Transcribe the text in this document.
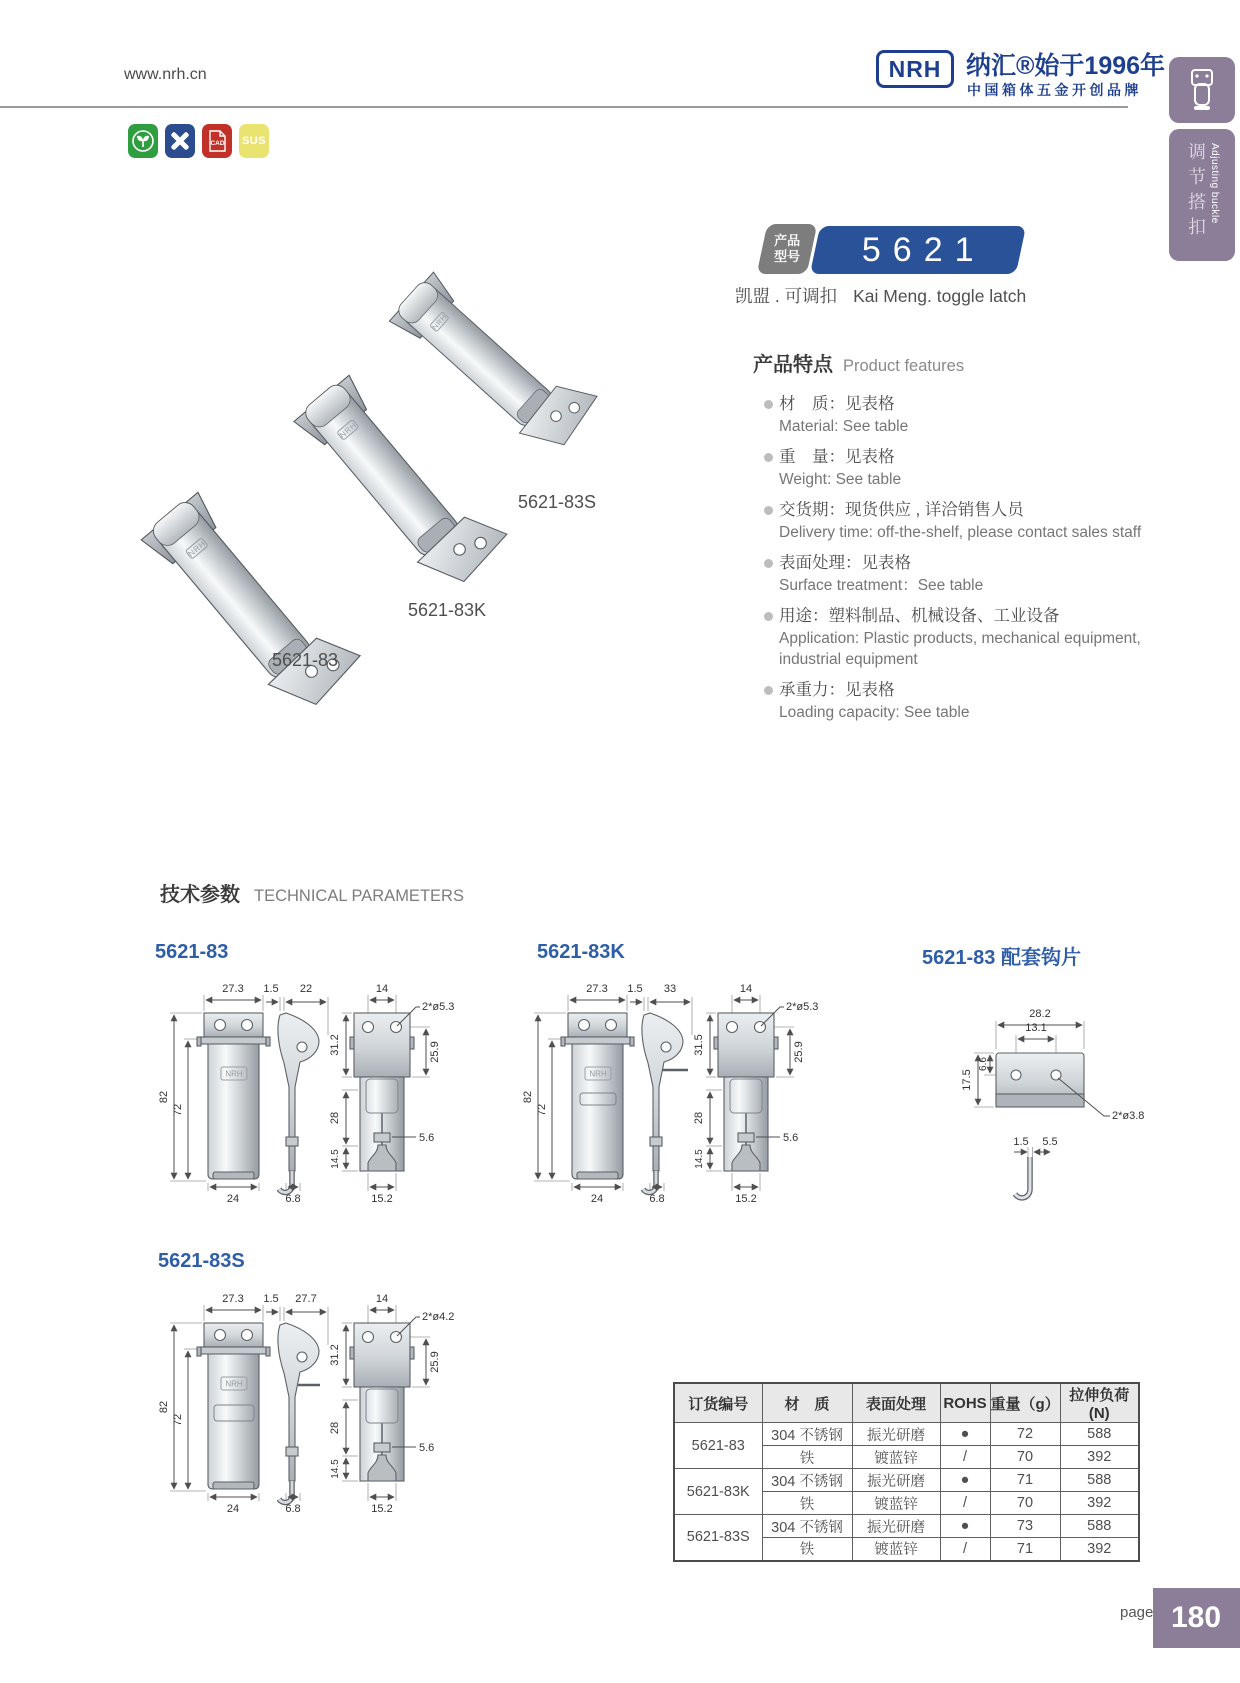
www.nrh.cn	NRH 纳汇®始于1996年
中国箱体五金开创品牌
调节搭扣 Adjusting buckle
CAD SUS
5621-83S
5621-83K
5621-83
产品
型号	5621
凯盟 . 可调扣 Kai Meng. toggle latch
产品特点 Product features
材　质：见表格
Material: See table
重　量：见表格
Weight: See table
交货期：现货供应 , 详洽销售人员
Delivery time: off-the-shelf, please contact sales staff
表面处理：见表格
Surface treatment：See table
用途：塑料制品、机械设备、工业设备
Application: Plastic products, mechanical equipment, industrial equipment
承重力：见表格
Loading capacity: See table
技术参数 TECHNICAL PARAMETERS
5621-83	5621-83K	5621-83 配套钩片
5621-83S
NRH
27.3
82
72
24
1.5 22
6.8
14
2*ø5.3
31.2	25.9
28
5.6
14.5
15.2
NRH
27.3
82
72
24
1.5 33
6.8
14
2*ø5.3
31.5	25.9
28
5.6
14.5
15.2
28.2
13.1
17.5
6.6
2*ø3.8
1.5 5.5
NRH
27.3
82
72
24
1.5 27.7
6.8
14
2*ø4.2
31.2	25.9
28
5.6
14.5
15.2
订货编号	材　质	表面处理	ROHS	重量（g）	拉伸负荷 (N)
5621-83	304 不锈钢	振光研磨	●	72	588
	铁	镀蓝锌	/	70	392
5621-83K	304 不锈钢	振光研磨	●	71	588
	铁	镀蓝锌	/	70	392
5621-83S	304 不锈钢	振光研磨	●	73	588
	铁	镀蓝锌	/	71	392
page 180
